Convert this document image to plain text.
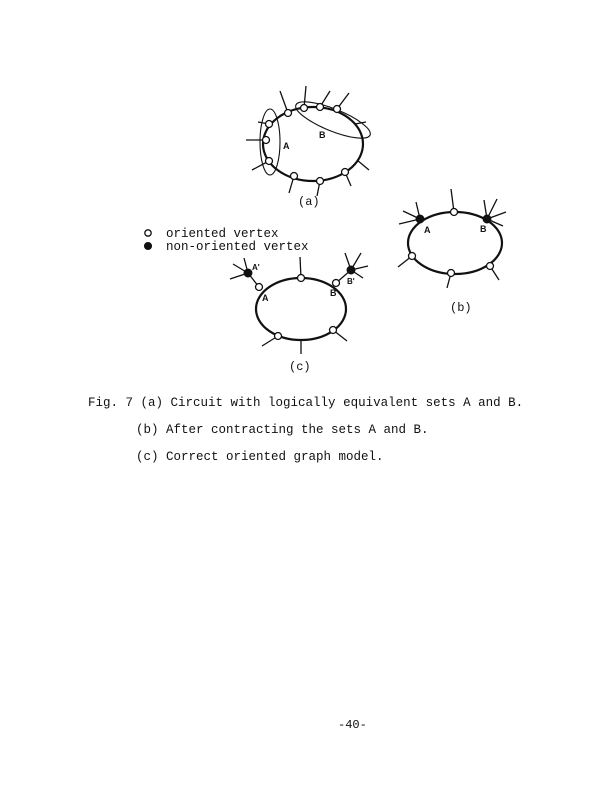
A
B
(a)
A	B
(b)
A	B
A'
B'
(c)
oriented vertex
non-oriented vertex
Fig. 7 (a) Circuit with logically equivalent sets A and B.
(b) After contracting the sets A and B.
(c) Correct oriented graph model.
-40-
